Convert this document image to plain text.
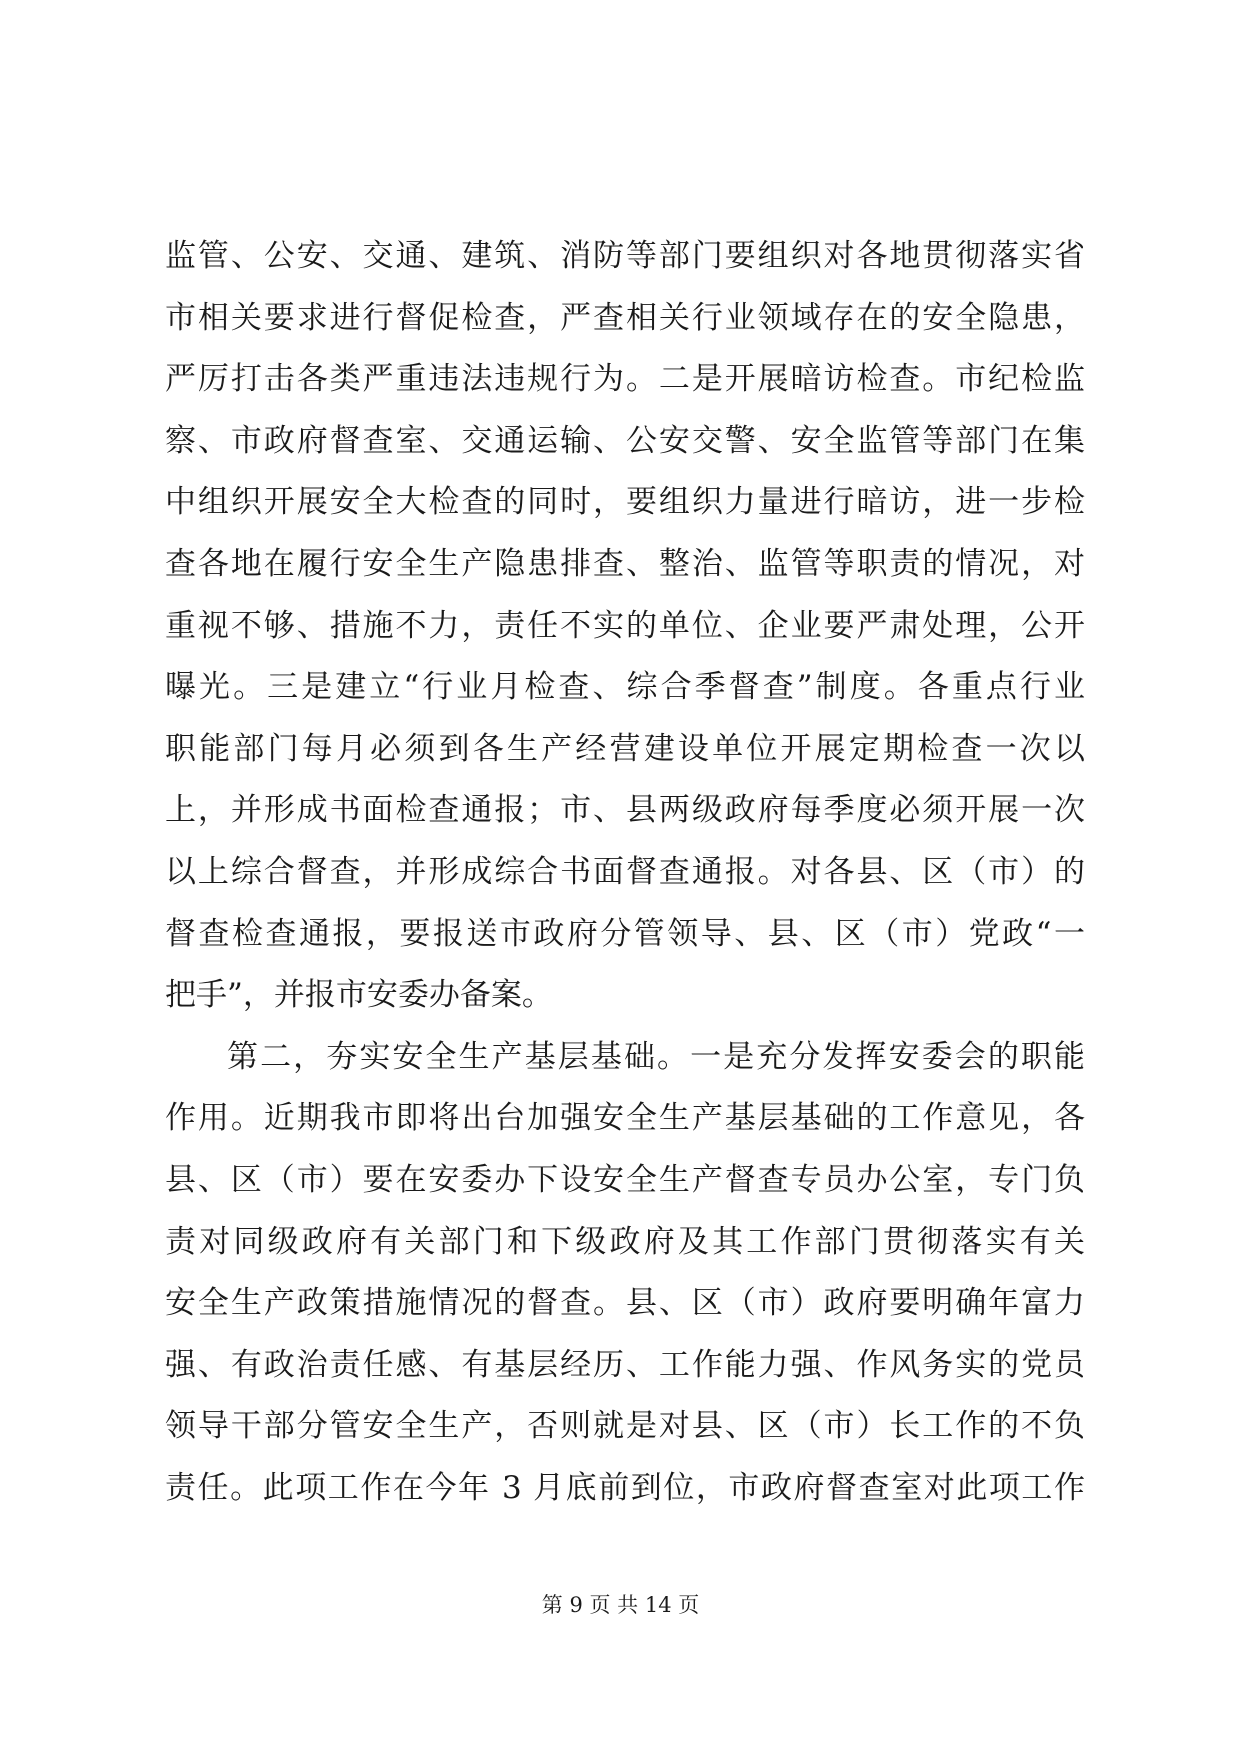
监管、公安、交通、建筑、消防等部门要组织对各地贯彻落实省
市相关要求进行督促检查，严查相关行业领域存在的安全隐患，
严厉打击各类严重违法违规行为。二是开展暗访检查。市纪检监
察、市政府督查室、交通运输、公安交警、安全监管等部门在集
中组织开展安全大检查的同时，要组织力量进行暗访，进一步检
查各地在履行安全生产隐患排查、整治、监管等职责的情况，对
重视不够、措施不力，责任不实的单位、企业要严肃处理，公开
曝光。三是建立“行业月检查、综合季督查”制度。各重点行业
职能部门每月必须到各生产经营建设单位开展定期检查一次以
上，并形成书面检查通报；市、县两级政府每季度必须开展一次
以上综合督查，并形成综合书面督查通报。对各县、区（市）的
督查检查通报，要报送市政府分管领导、县、区（市）党政“一
把手”，并报市安委办备案。
第二，夯实安全生产基层基础。一是充分发挥安委会的职能
作用。近期我市即将出台加强安全生产基层基础的工作意见，各
县、区（市）要在安委办下设安全生产督查专员办公室，专门负
责对同级政府有关部门和下级政府及其工作部门贯彻落实有关
安全生产政策措施情况的督查。县、区（市）政府要明确年富力
强、有政治责任感、有基层经历、工作能力强、作风务实的党员
领导干部分管安全生产，否则就是对县、区（市）长工作的不负
责任。此项工作在今年 3 月底前到位，市政府督查室对此项工作
第 9 页 共 14 页
